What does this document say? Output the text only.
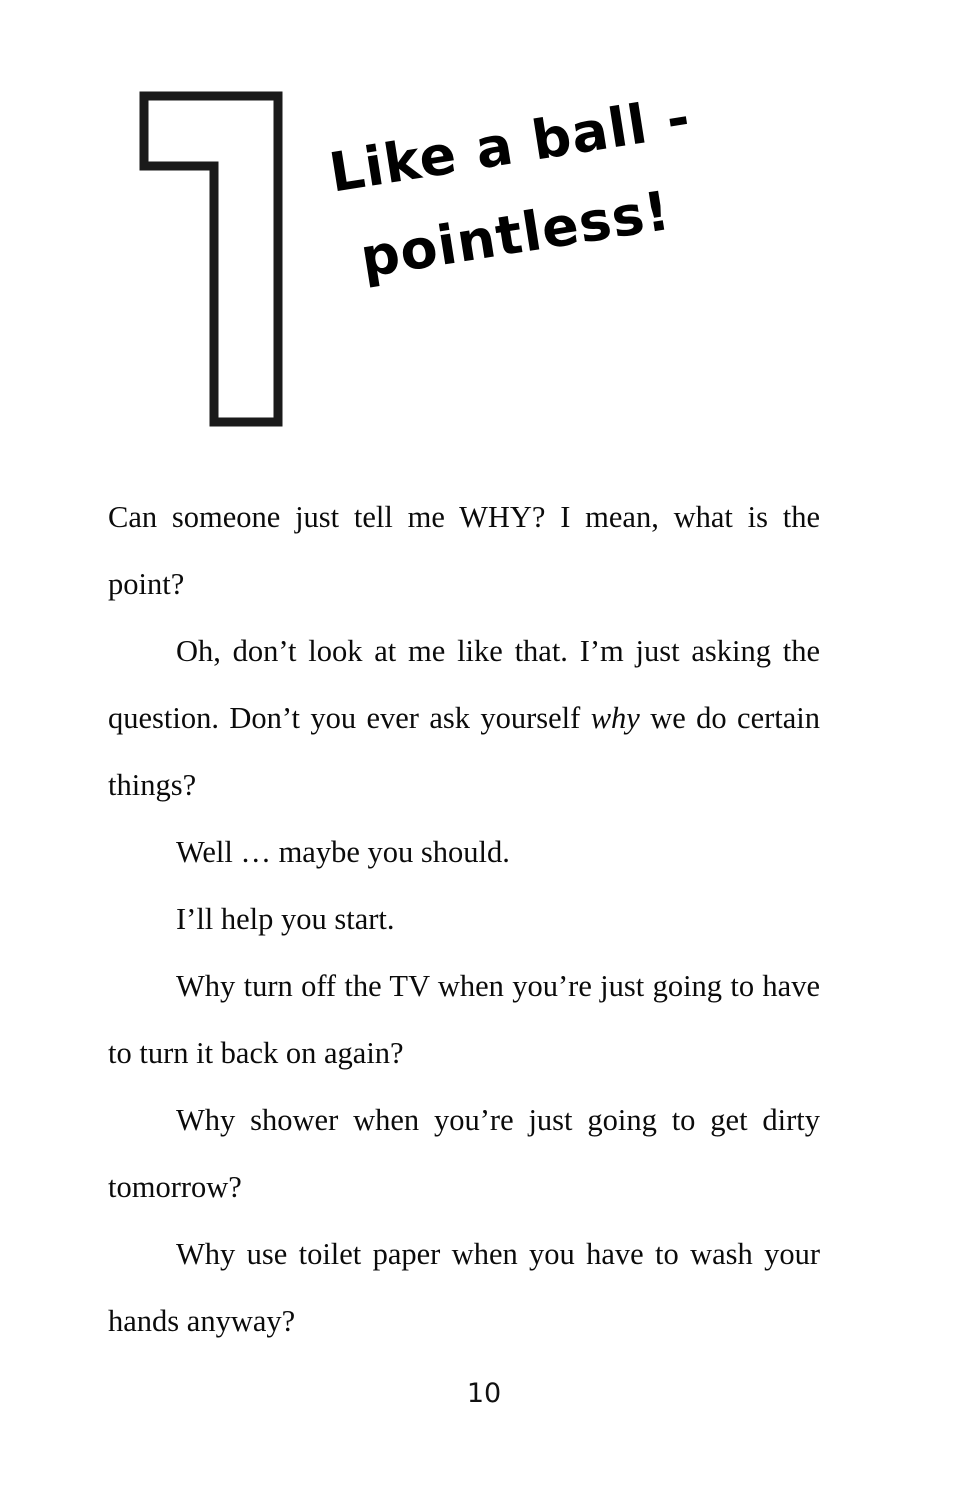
Like a ball -
pointless!

Can someone just tell me WHY? I mean, what is the point?

Oh, don’t look at me like that. I’m just asking the question. Don’t you ever ask yourself why we do certain things?

Well … maybe you should.

I’ll help you start.

Why turn off the TV when you’re just going to have to turn it back on again?

Why shower when you’re just going to get dirty tomorrow?

Why use toilet paper when you have to wash your hands anyway?

10
